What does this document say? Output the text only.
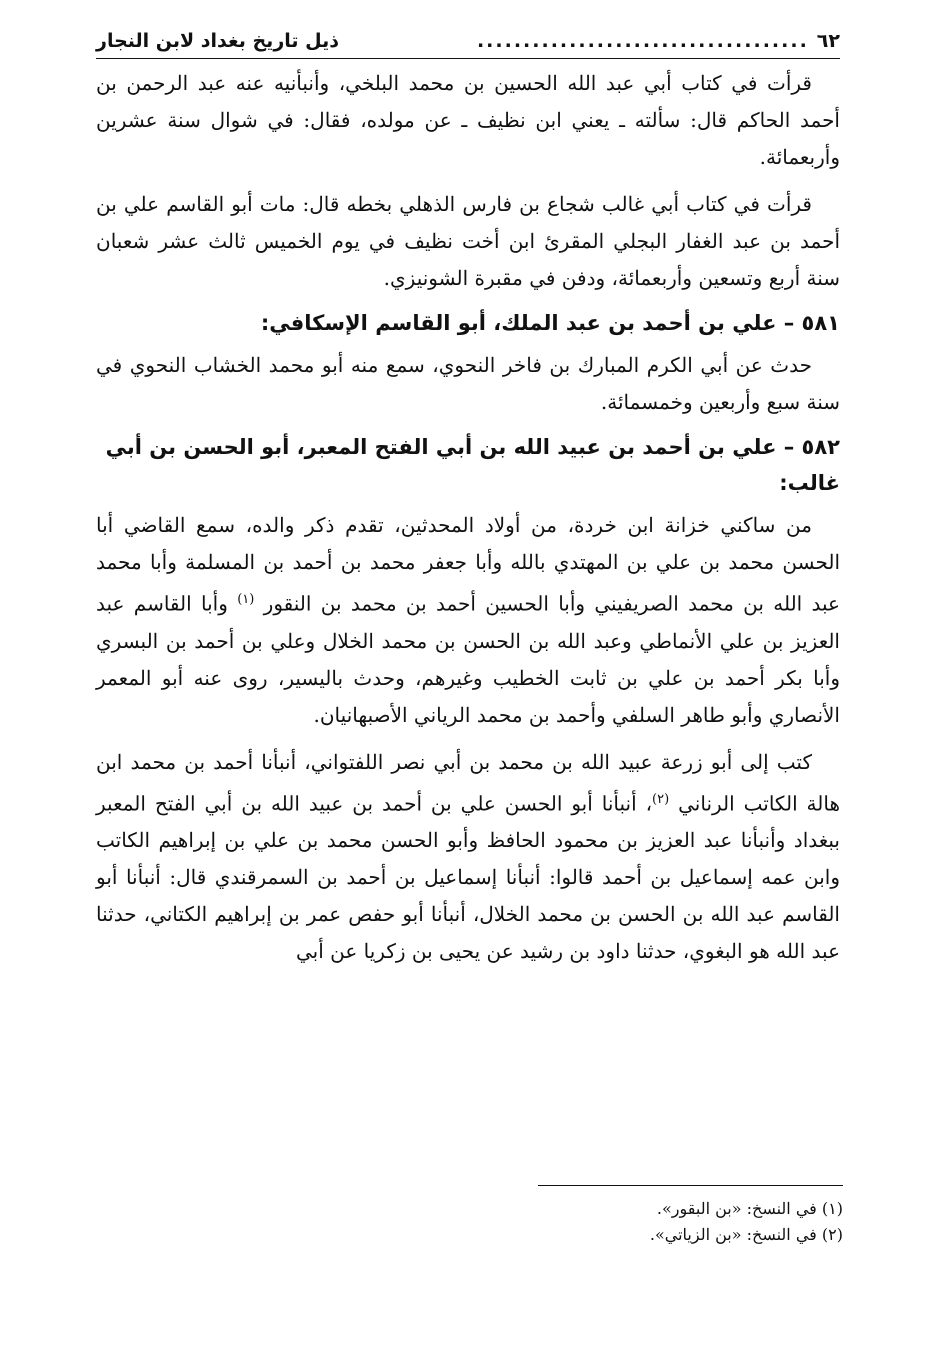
٦٢
....................................
ذيل تاريخ بغداد لابن النجار

قرأت في كتاب أبي عبد الله الحسين بن محمد البلخي، وأنبأنيه عنه عبد الرحمن بن أحمد الحاكم قال: سألته ـ يعني ابن نظيف ـ عن مولده، فقال: في شوال سنة عشرين وأربعمائة.

قرأت في كتاب أبي غالب شجاع بن فارس الذهلي بخطه قال: مات أبو القاسم علي بن أحمد بن عبد الغفار البجلي المقرئ ابن أخت نظيف في يوم الخميس ثالث عشر شعبان سنة أربع وتسعين وأربعمائة، ودفن في مقبرة الشونيزي.

٥٨١ – علي بن أحمد بن عبد الملك، أبو القاسم الإسكافي:

حدث عن أبي الكرم المبارك بن فاخر النحوي، سمع منه أبو محمد الخشاب النحوي في سنة سبع وأربعين وخمسمائة.

٥٨٢ – علي بن أحمد بن عبيد الله بن أبي الفتح المعبر، أبو الحسن بن أبي غالب:

من ساكني خزانة ابن خردة، من أولاد المحدثين، تقدم ذكر والده، سمع القاضي أبا الحسن محمد بن علي بن المهتدي بالله وأبا جعفر محمد بن أحمد بن المسلمة وأبا محمد عبد الله بن محمد الصريفيني وأبا الحسين أحمد بن محمد بن النقور $^{(١)}$ وأبا القاسم عبد العزيز بن علي الأنماطي وعبد الله بن الحسن بن محمد الخلال وعلي بن أحمد بن البسري وأبا بكر أحمد بن علي بن ثابت الخطيب وغيرهم، وحدث باليسير، روى عنه أبو المعمر الأنصاري وأبو طاهر السلفي وأحمد بن محمد الرياني الأصبهانيان.

كتب إلى أبو زرعة عبيد الله بن محمد بن أبي نصر اللفتواني، أنبأنا أحمد بن محمد ابن هالة الكاتب الرناني $^{(٢)}$، أنبأنا أبو الحسن علي بن أحمد بن عبيد الله بن أبي الفتح المعبر ببغداد وأنبأنا عبد العزيز بن محمود الحافظ وأبو الحسن محمد بن علي بن إبراهيم الكاتب وابن عمه إسماعيل بن أحمد قالوا: أنبأنا إسماعيل بن أحمد بن السمرقندي قال: أنبأنا أبو القاسم عبد الله بن الحسن بن محمد الخلال، أنبأنا أبو حفص عمر بن إبراهيم الكتاني، حدثنا عبد الله هو البغوي، حدثنا داود بن رشيد عن يحيى بن زكريا عن أبي

(١) في النسخ: «بن البقور».
(٢) في النسخ: «بن الزياتي».
